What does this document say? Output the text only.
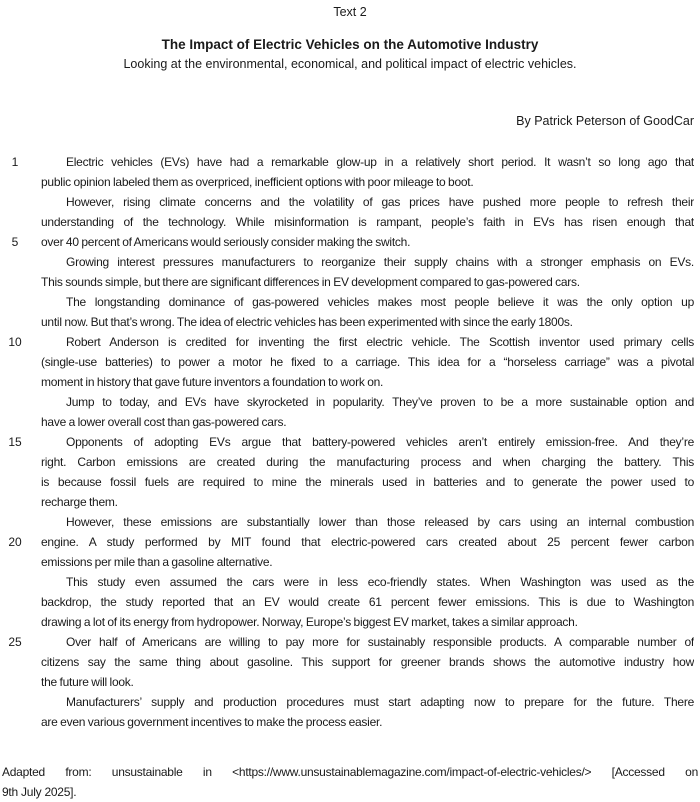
Text 2
The Impact of Electric Vehicles on the Automotive Industry
Looking at the environmental, economical, and political impact of electric vehicles.
By Patrick Peterson of GoodCar
1	Electric vehicles (EVs) have had a remarkable glow-up in a relatively short period. It wasn’t so long ago that
public opinion labeled them as overpriced, inefficient options with poor mileage to boot.
However, rising climate concerns and the volatility of gas prices have pushed more people to refresh their
understanding of the technology. While misinformation is rampant, people’s faith in EVs has risen enough that
5	over 40 percent of Americans would seriously consider making the switch.
Growing interest pressures manufacturers to reorganize their supply chains with a stronger emphasis on EVs.
This sounds simple, but there are significant differences in EV development compared to gas-powered cars.
The longstanding dominance of gas-powered vehicles makes most people believe it was the only option up
until now. But that’s wrong. The idea of electric vehicles has been experimented with since the early 1800s.
10	Robert Anderson is credited for inventing the first electric vehicle. The Scottish inventor used primary cells
(single-use batteries) to power a motor he fixed to a carriage. This idea for a “horseless carriage” was a pivotal
moment in history that gave future inventors a foundation to work on.
Jump to today, and EVs have skyrocketed in popularity. They’ve proven to be a more sustainable option and
have a lower overall cost than gas-powered cars.
15	Opponents of adopting EVs argue that battery-powered vehicles aren’t entirely emission-free. And they’re
right. Carbon emissions are created during the manufacturing process and when charging the battery. This
is because fossil fuels are required to mine the minerals used in batteries and to generate the power used to
recharge them.
However, these emissions are substantially lower than those released by cars using an internal combustion
20	engine. A study performed by MIT found that electric-powered cars created about 25 percent fewer carbon
emissions per mile than a gasoline alternative.
This study even assumed the cars were in less eco-friendly states. When Washington was used as the
backdrop, the study reported that an EV would create 61 percent fewer emissions. This is due to Washington
drawing a lot of its energy from hydropower. Norway, Europe’s biggest EV market, takes a similar approach.
25	Over half of Americans are willing to pay more for sustainably responsible products. A comparable number of
citizens say the same thing about gasoline. This support for greener brands shows the automotive industry how
the future will look.
Manufacturers’ supply and production procedures must start adapting now to prepare for the future. There
are even various government incentives to make the process easier.
Adapted from: unsustainable in <https://www.unsustainablemagazine.com/impact-of-electric-vehicles/> [Accessed on
9th July 2025].
